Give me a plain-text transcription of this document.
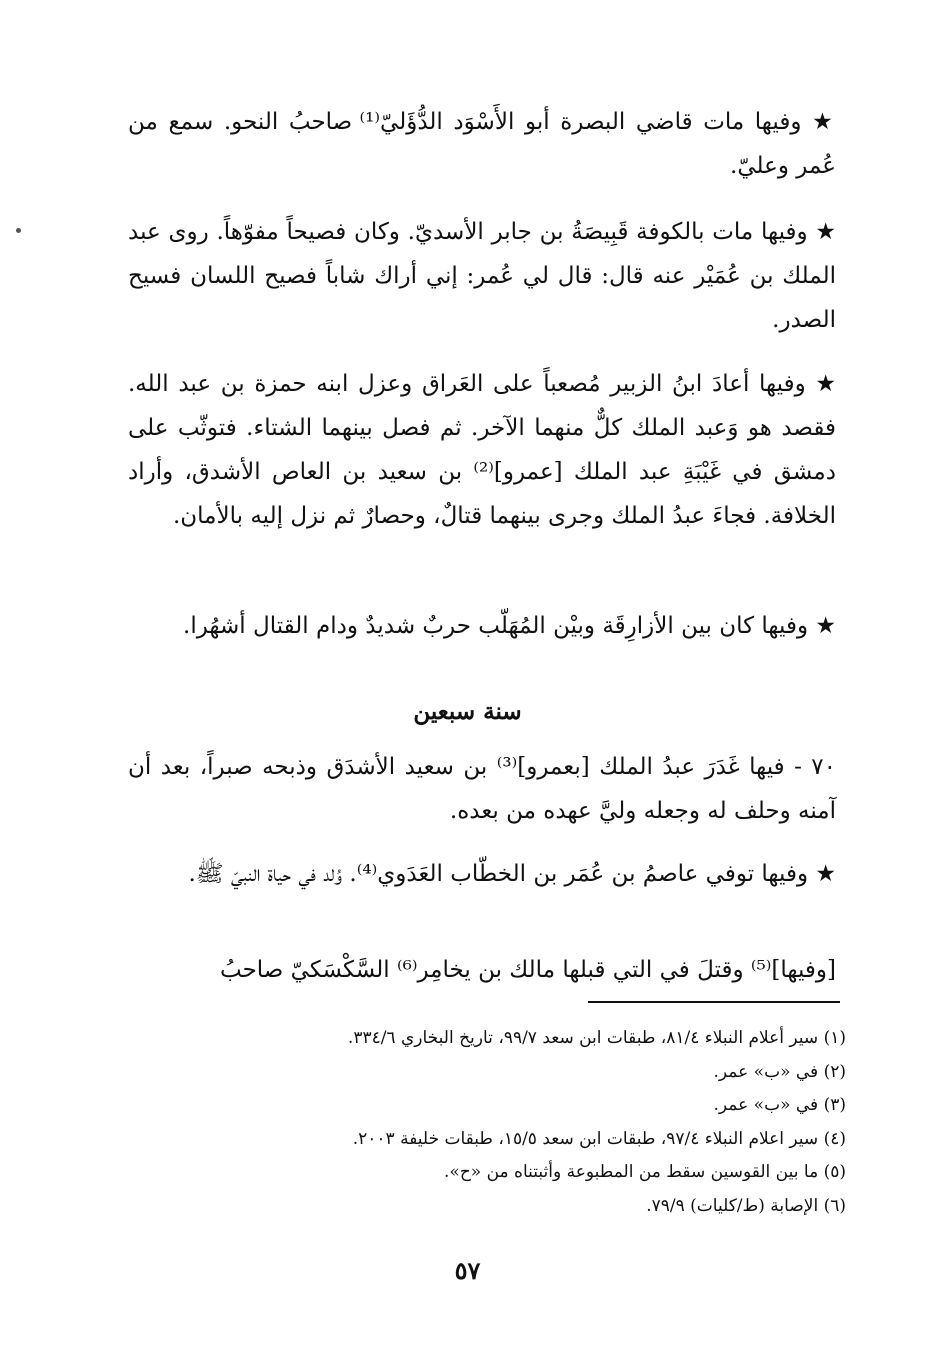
★ وفيها مات قاضي البصرة أبو الأَسْوَد الدُّؤَليّ⁽¹⁾ صاحبُ النحو. سمع من عُمر وعليّ.

★ وفيها مات بالكوفة قَبِيصَةُ بن جابر الأسديّ. وكان فصيحاً مفوّهاً. روى عبد الملك بن عُمَيْر عنه قال: قال لي عُمر: إني أراك شاباً فصيح اللسان فسيح الصدر.

★ وفيها أعادَ ابنُ الزبير مُصعباً على العَراق وعزل ابنه حمزة بن عبد الله. فقصد هو وَعبد الملك كلٌّ منهما الآخر. ثم فصل بينهما الشتاء. فتوثّب على دمشق في غَيْبَةِ عبد الملك [عمرو]⁽²⁾ بن سعيد بن العاص الأشدق، وأراد الخلافة. فجاءَ عبدُ الملك وجرى بينهما قتالٌ، وحصارٌ ثم نزل إليه بالأمان.

★ وفيها كان بين الأزارِقَة وبيْن المُهَلّب حربٌ شديدٌ ودام القتال أشهُرا.

سنة سبعين

٧٠ - فيها غَدَرَ عبدُ الملك [بعمرو]⁽³⁾ بن سعيد الأشدَق وذبحه صبراً، بعد أن آمنه وحلف له وجعله وليَّ عهده من بعده.

★ وفيها توفي عاصمُ بن عُمَر بن الخطّاب العَدَوي⁽⁴⁾. وُلد في حياة النبيّ ﷺ.

[وفيها]⁽⁵⁾ وقتلَ في التي قبلها مالك بن يخامِر⁽⁶⁾ السَّكْسَكيّ صاحبُ

(١) سير أعلام النبلاء ٨١/٤، طبقات ابن سعد ٩٩/٧، تاريخ البخاري ٣٣٤/٦.
(٢) في «ب» عمر.
(٣) في «ب» عمر.
(٤) سير اعلام النبلاء ٩٧/٤، طبقات ابن سعد ١٥/٥، طبقات خليفة ٢٠٠٣.
(٥) ما بين القوسين سقط من المطبوعة وأثبتناه من «ح».
(٦) الإصابة (ط/كليات) ٧٩/٩.
٥٧
